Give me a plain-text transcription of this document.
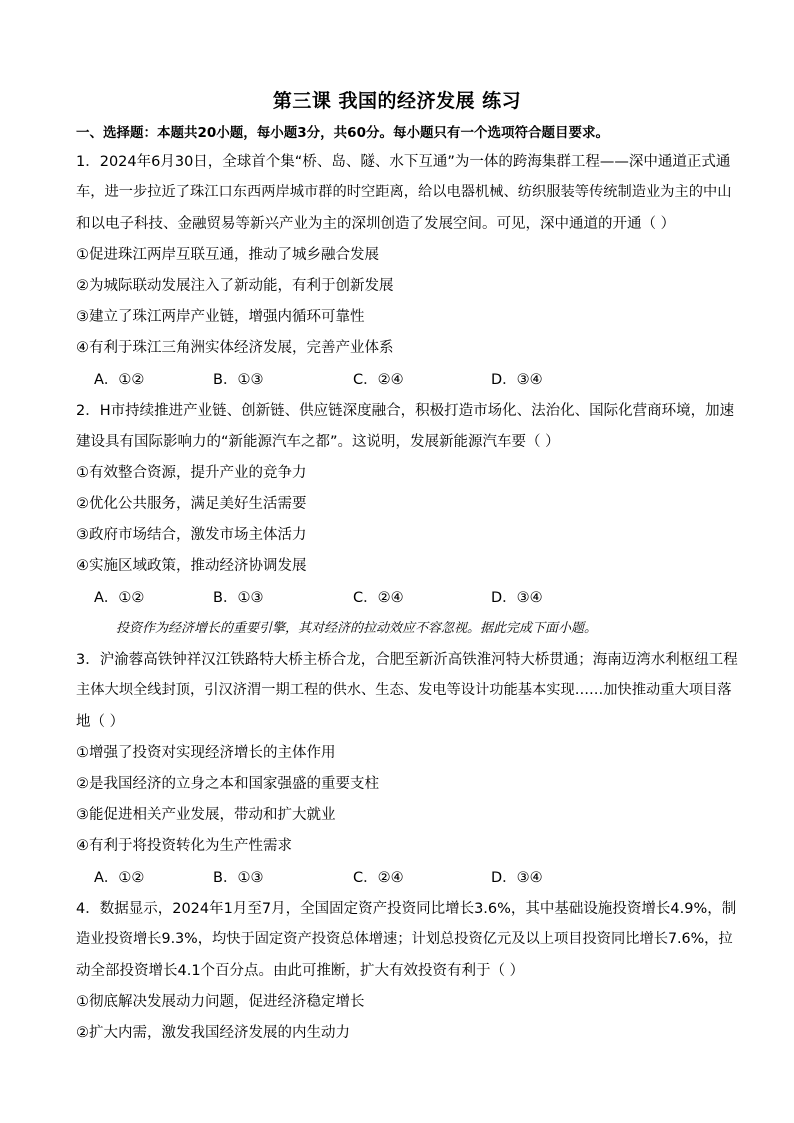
第三课 我国的经济发展 练习
一、选择题：本题共20小题，每小题3分，共60分。每小题只有一个选项符合题目要求。
1．2024年6月30日，全球首个集“桥、岛、隧、水下互通”为一体的跨海集群工程——深中通道正式通
车，进一步拉近了珠江口东西两岸城市群的时空距离，给以电器机械、纺织服装等传统制造业为主的中山
和以电子科技、金融贸易等新兴产业为主的深圳创造了发展空间。可见，深中通道的开通（ ）
①促进珠江两岸互联互通，推动了城乡融合发展
②为城际联动发展注入了新动能，有利于创新发展
③建立了珠江两岸产业链，增强内循环可靠性
④有利于珠江三角洲实体经济发展，完善产业体系
A．①②	B．①③	C．②④	D．③④
2．H市持续推进产业链、创新链、供应链深度融合，积极打造市场化、法治化、国际化营商环境，加速
建设具有国际影响力的“新能源汽车之都”。这说明，发展新能源汽车要（ ）
①有效整合资源，提升产业的竞争力
②优化公共服务，满足美好生活需要
③政府市场结合，激发市场主体活力
④实施区域政策，推动经济协调发展
A．①②	B．①③	C．②④	D．③④
投资作为经济增长的重要引擎，其对经济的拉动效应不容忽视。据此完成下面小题。
3．沪渝蓉高铁钟祥汉江铁路特大桥主桥合龙，合肥至新沂高铁淮河特大桥贯通；海南迈湾水利枢纽工程
主体大坝全线封顶，引汉济渭一期工程的供水、生态、发电等设计功能基本实现……加快推动重大项目落
地（ ）
①增强了投资对实现经济增长的主体作用
②是我国经济的立身之本和国家强盛的重要支柱
③能促进相关产业发展，带动和扩大就业
④有利于将投资转化为生产性需求
A．①②	B．①③	C．②④	D．③④
4．数据显示，2024年1月至7月，全国固定资产投资同比增长3.6%，其中基础设施投资增长4.9%，制
造业投资增长9.3%，均快于固定资产投资总体增速；计划总投资亿元及以上项目投资同比增长7.6%，拉
动全部投资增长4.1个百分点。由此可推断，扩大有效投资有利于（ ）
①彻底解决发展动力问题，促进经济稳定增长
②扩大内需，激发我国经济发展的内生动力
